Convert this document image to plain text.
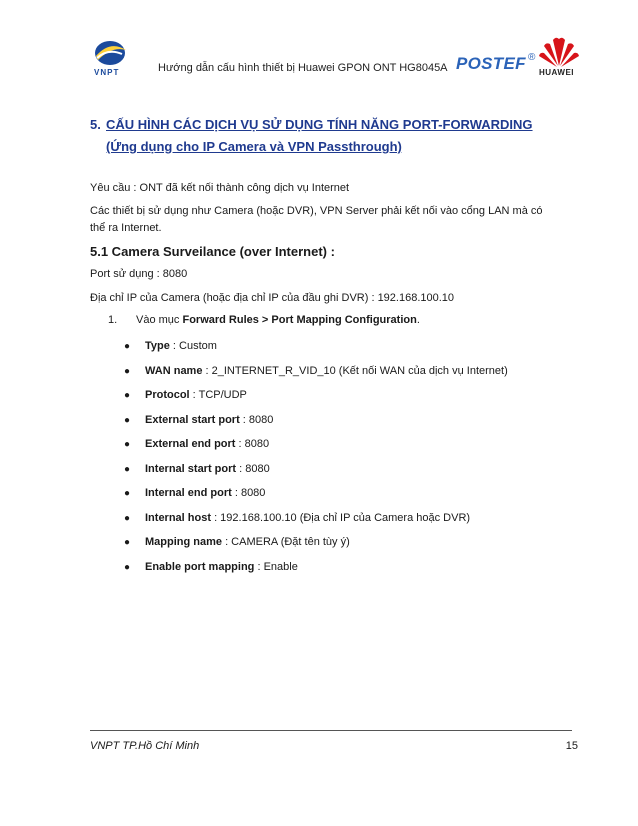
VNPT	Hướng dẫn cấu hình thiết bị Huawei GPON ONT HG8045A POSTEF ®
HUAWEI
5. CẤU HÌNH CÁC DỊCH VỤ SỬ DỤNG TÍNH NĂNG PORT-FORWARDING (Ứng dụng cho IP Camera và VPN Passthrough)
Yêu cầu : ONT đã kết nối thành công dịch vụ Internet
Các thiết bị sử dụng như Camera (hoặc DVR), VPN Server phải kết nối vào cổng LAN mà có thể ra Internet.
5.1 Camera Surveilance (over Internet) :
Port sử dụng : 8080
Địa chỉ IP của Camera (hoặc địa chỉ IP của đầu ghi DVR) : 192.168.100.10
1. Vào mục Forward Rules > Port Mapping Configuration.
● Type : Custom
● WAN name : 2_INTERNET_R_VID_10 (Kết nối WAN của dịch vụ Internet)
● Protocol : TCP/UDP
● External start port : 8080
● External end port : 8080
● Internal start port : 8080
● Internal end port : 8080
● Internal host : 192.168.100.10 (Địa chỉ IP của Camera hoặc DVR)
● Mapping name : CAMERA (Đặt tên tùy ý)
● Enable port mapping : Enable
VNPT TP.Hồ Chí Minh	15
